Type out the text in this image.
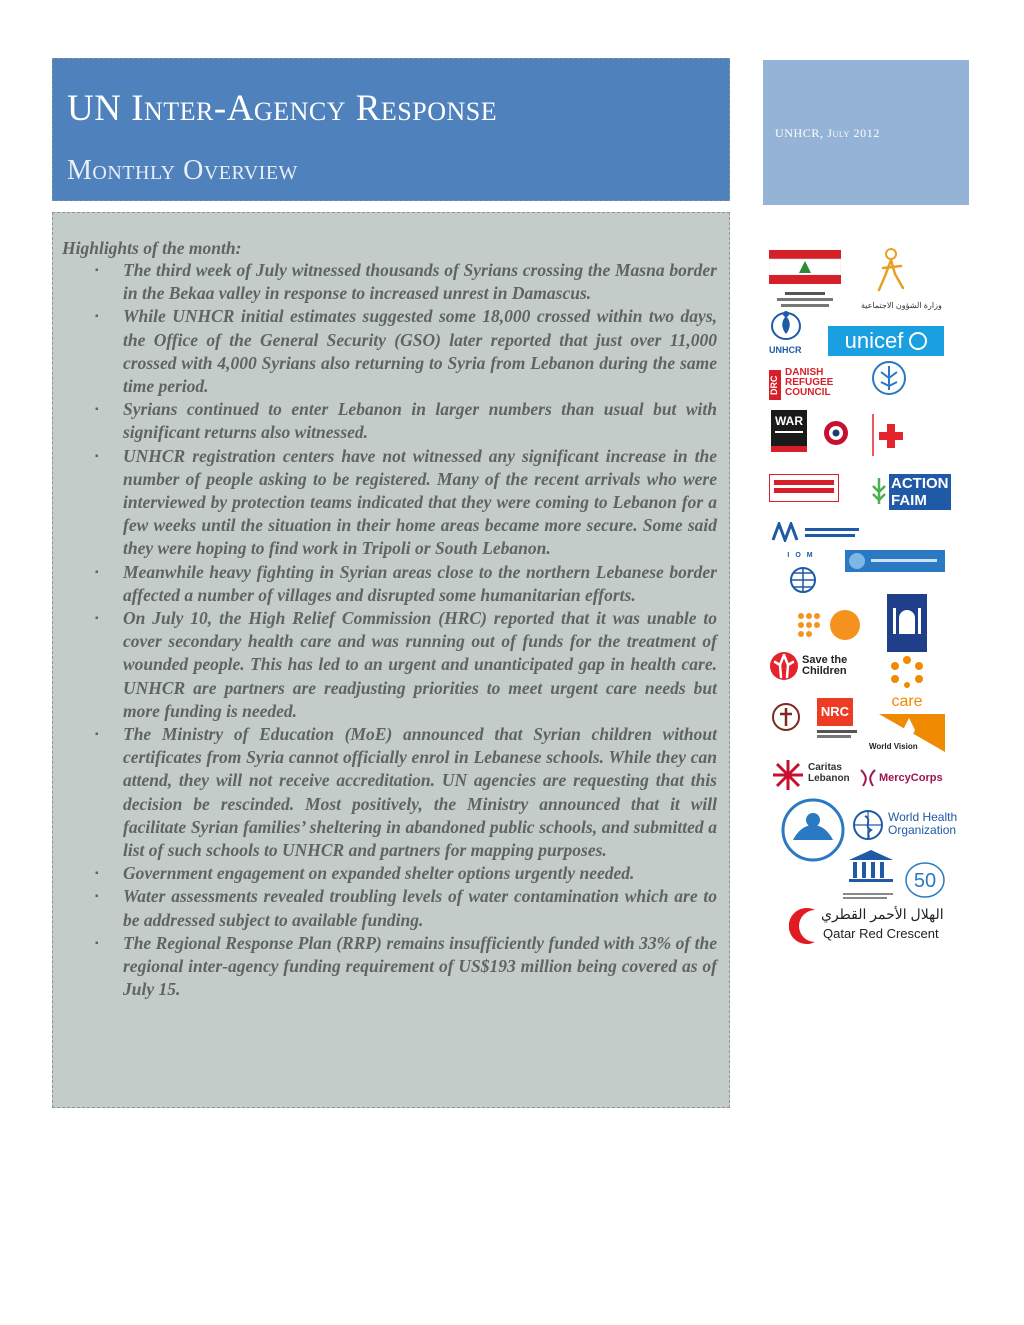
UN Inter-Agency Response
Monthly Overview
UNHCR, July 2012

Highlights of the month:

▪ The third week of July witnessed thousands of Syrians crossing the Masna border in the Bekaa valley in response to increased unrest in Damascus.
▪ While UNHCR initial estimates suggested some 18,000 crossed within two days, the Office of the General Security (GSO) later reported that just over 11,000 crossed with 4,000 Syrians also returning to Syria from Lebanon during the same time period.
▪ Syrians continued to enter Lebanon in larger numbers than usual but with significant returns also witnessed.
▪ UNHCR registration centers have not witnessed any significant increase in the number of people asking to be registered. Many of the recent arrivals who were interviewed by protection teams indicated that they were coming to Lebanon for a few weeks until the situation in their home areas became more secure. Some said they were hoping to find work in Tripoli or South Lebanon.
▪ Meanwhile heavy fighting in Syrian areas close to the northern Lebanese border affected a number of villages and disrupted some humanitarian efforts.
▪ On July 10, the High Relief Commission (HRC) reported that it was unable to cover secondary health care and was running out of funds for the treatment of wounded people. This has led to an urgent and unanticipated gap in health care. UNHCR are partners are readjusting priorities to meet urgent care needs but more funding is needed.
▪ The Ministry of Education (MoE) announced that Syrian children without certificates from Syria cannot officially enrol in Lebanese schools. While they can attend, they will not receive accreditation. UN agencies are requesting that this decision be rescinded. Most positively, the Ministry announced that it will facilitate Syrian families’ sheltering in abandoned public schools, and submitted a list of such schools to UNHCR and partners for mapping purposes.
▪ Government engagement on expanded shelter options urgently needed.
▪ Water assessments revealed troubling levels of water contamination which are to be addressed subject to available funding.
▪ The Regional Response Plan (RRP) remains insufficiently funded with 33% of the regional inter-agency funding requirement of US$193 million being covered as of July 15.
وزارة الشؤون الاجتماعية
UNHCR	unicef
DRC
DANISH REFUGEE COUNCIL
WAR
ACTION FAIM
IOM
Save the Children
care
NRC
World Vision
Caritas Lebanon	MercyCorps
World Health Organization
50
الهلال الأحمر القطري
Qatar Red Crescent
